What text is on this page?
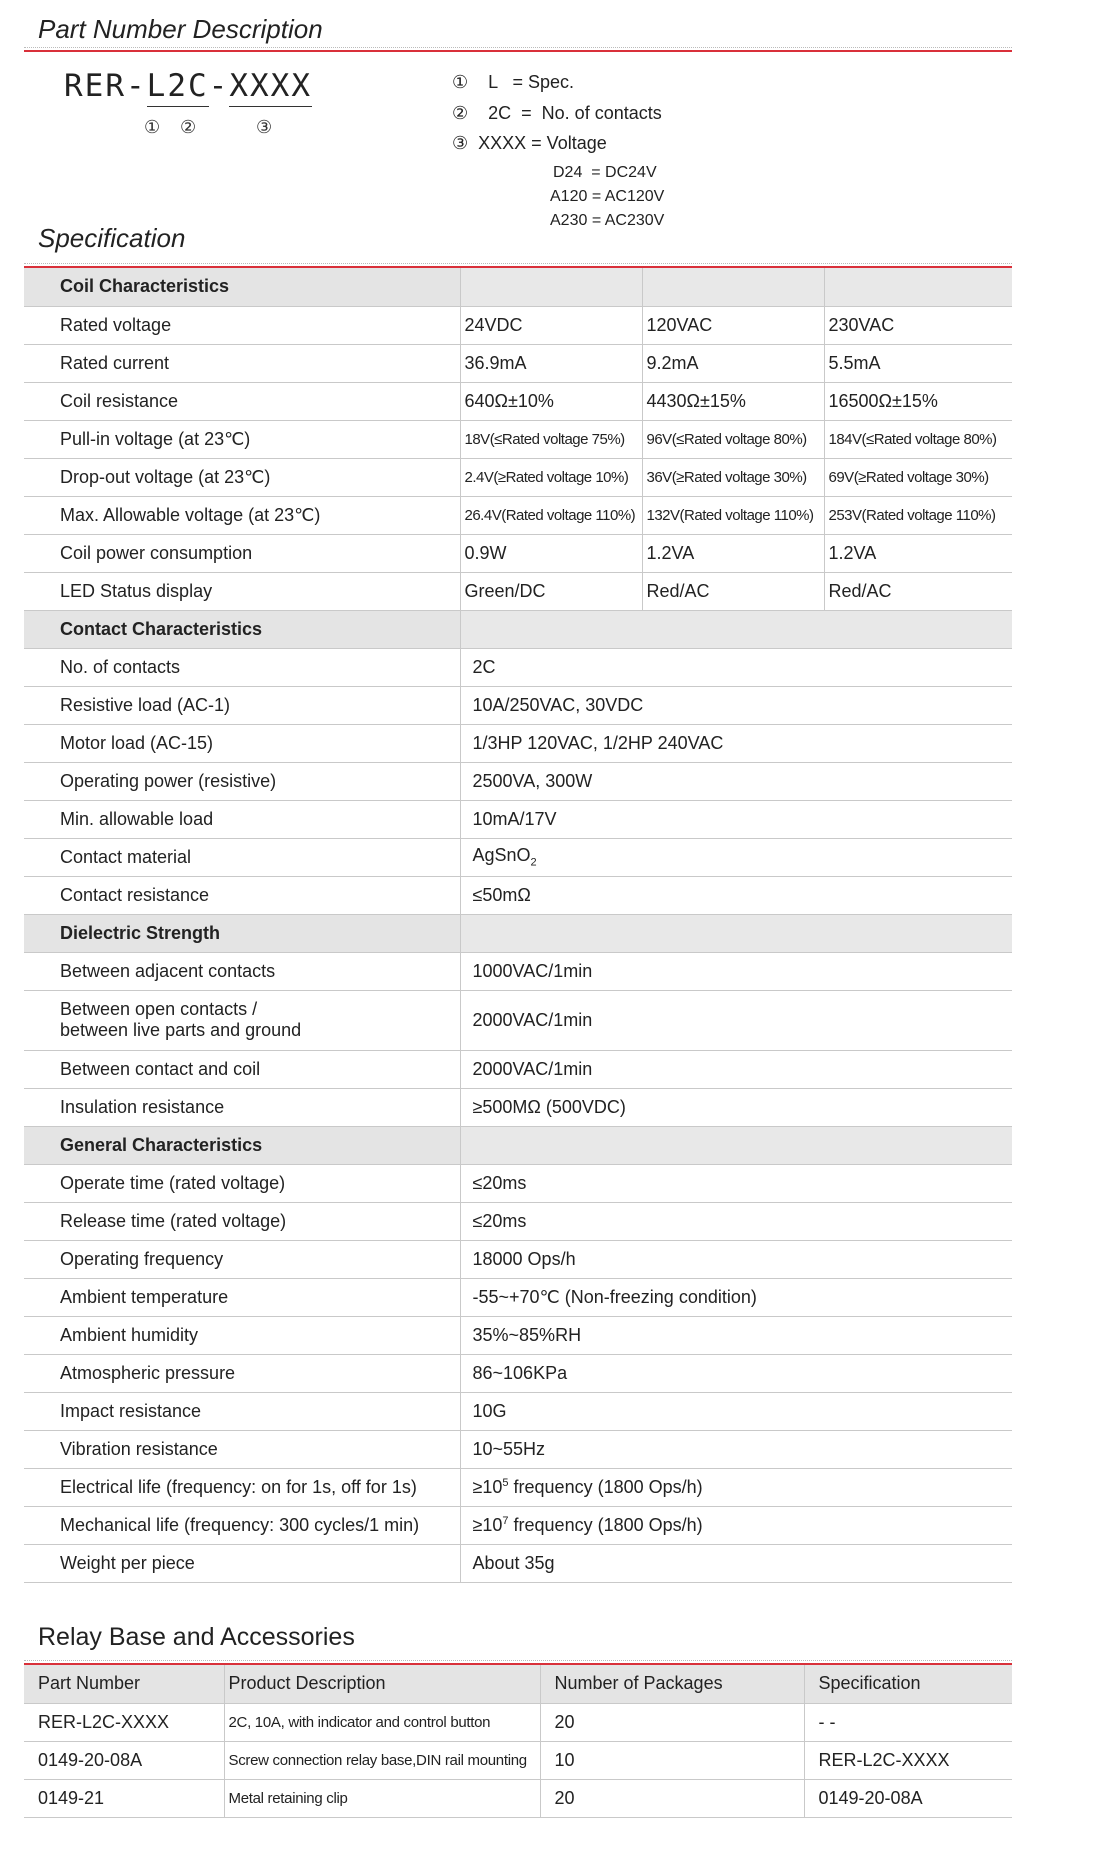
Part Number Description
RER-L2C-XXXX
① ②	③
①    L   = Spec.
②    2C  =  No. of contacts
③  XXXX = Voltage
D24  = DC24V
A120 = AC120V
A230 = AC230V
Specification
Coil Characteristics			
Rated voltage	24VDC	120VAC	230VAC
Rated current	36.9mA	9.2mA	5.5mA
Coil resistance	640Ω±10%	4430Ω±15%	16500Ω±15%
Pull-in voltage (at 23℃)	18V(≤Rated voltage 75%)	96V(≤Rated voltage 80%)	184V(≤Rated voltage 80%)
Drop-out voltage (at 23℃)	2.4V(≥Rated voltage 10%)	36V(≥Rated voltage 30%)	69V(≥Rated voltage 30%)
Max. Allowable voltage (at 23℃)	26.4V(Rated voltage 110%)	132V(Rated voltage 110%)	253V(Rated voltage 110%)
Coil power consumption	0.9W	1.2VA	1.2VA
LED Status display	Green/DC	Red/AC	Red/AC
Contact Characteristics			
No. of contacts	2C		
Resistive load (AC-1)	10A/250VAC, 30VDC		
Motor load (AC-15)	1/3HP 120VAC, 1/2HP 240VAC		
Operating power (resistive)	2500VA, 300W		
Min. allowable load	10mA/17V		
Contact material	AgSnO$_2$
Contact resistance	≤50mΩ		
Dielectric Strength			
Between adjacent contacts	1000VAC/1min		

Between open contacts /
between live parts and ground	2000VAC/1min		
Between contact and coil	2000VAC/1min		
Insulation resistance	≥500MΩ (500VDC)		
General Characteristics			
Operate time (rated voltage)	≤20ms		
Release time (rated voltage)	≤20ms		
Operating frequency	18000 Ops/h		
Ambient temperature	-55~+70℃ (Non-freezing condition)		
Ambient humidity	35%~85%RH		
Atmospheric pressure	86~106KPa		
Impact resistance	10G		
Vibration resistance	10~55Hz		
Electrical life (frequency: on for 1s, off for 1s)	$\ge 10^5$ frequency (1800 Ops/h)		
Mechanical life (frequency: 300 cycles/1 min)	$\ge 10^7$ frequency (1800 Ops/h)		
Weight per piece	About 35g		
Relay Base and Accessories
Part Number	Product Description	Number of Packages	Specification
RER-L2C-XXXX	2C, 10A, with indicator and control button	20	- -
0149-20-08A	Screw connection relay base,DIN rail mounting	10	RER-L2C-XXXX
0149-21	Metal retaining clip	20	0149-20-08A
